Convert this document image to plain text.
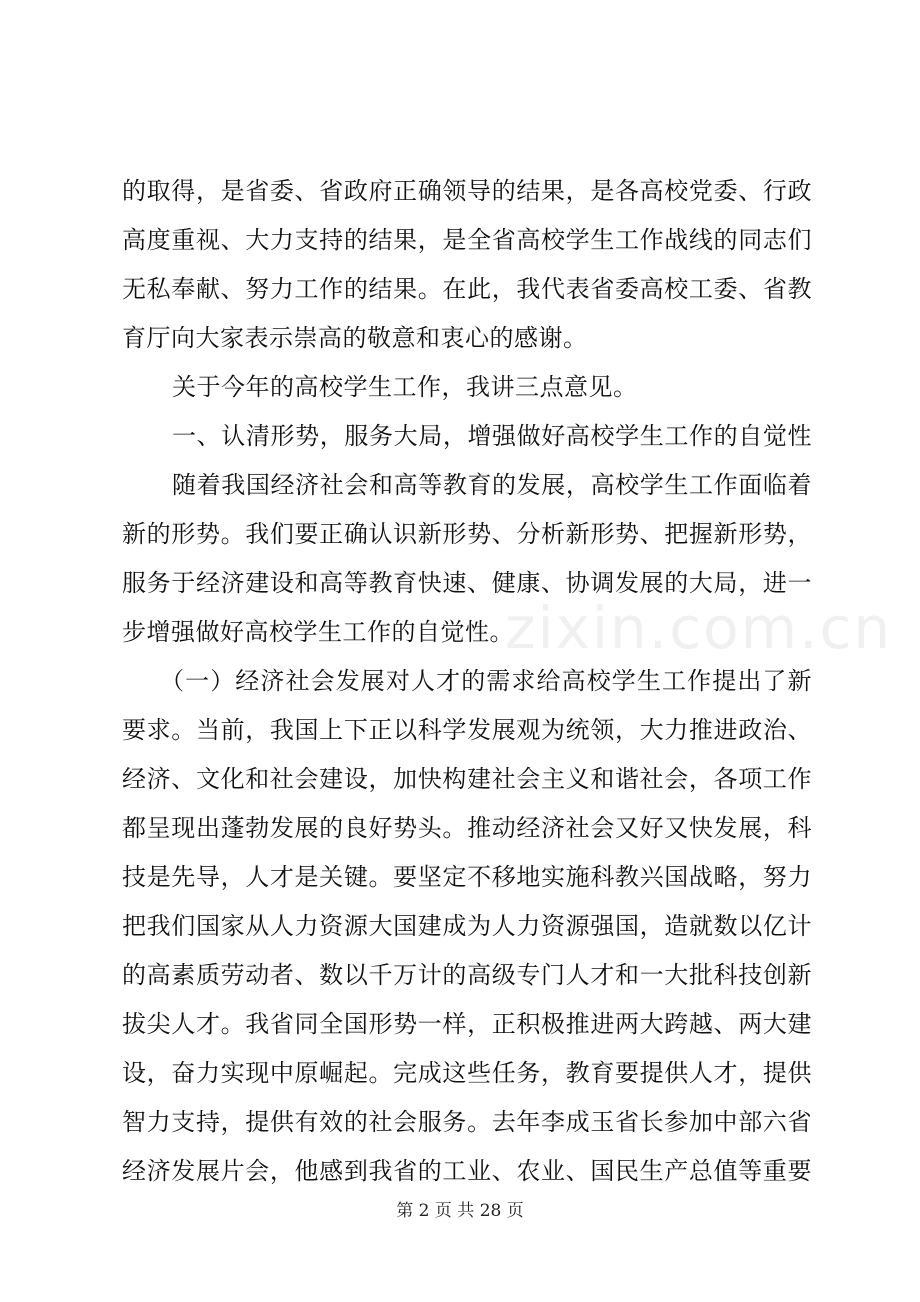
zixin.com.cn
的取得，是省委、省政府正确领导的结果，是各高校党委、行政
高度重视、大力支持的结果，是全省高校学生工作战线的同志们
无私奉献、努力工作的结果。在此，我代表省委高校工委、省教
育厅向大家表示崇高的敬意和衷心的感谢。
关于今年的高校学生工作，我讲三点意见。
一、认清形势，服务大局，增强做好高校学生工作的自觉性
随着我国经济社会和高等教育的发展，高校学生工作面临着
新的形势。我们要正确认识新形势、分析新形势、把握新形势，
服务于经济建设和高等教育快速、健康、协调发展的大局，进一
步增强做好高校学生工作的自觉性。
（一）经济社会发展对人才的需求给高校学生工作提出了新
要求。当前，我国上下正以科学发展观为统领，大力推进政治、
经济、文化和社会建设，加快构建社会主义和谐社会，各项工作
都呈现出蓬勃发展的良好势头。推动经济社会又好又快发展，科
技是先导，人才是关键。要坚定不移地实施科教兴国战略，努力
把我们国家从人力资源大国建成为人力资源强国，造就数以亿计
的高素质劳动者、数以千万计的高级专门人才和一大批科技创新
拔尖人才。我省同全国形势一样，正积极推进两大跨越、两大建
设，奋力实现中原崛起。完成这些任务，教育要提供人才，提供
智力支持，提供有效的社会服务。去年李成玉省长参加中部六省
经济发展片会，他感到我省的工业、农业、国民生产总值等重要
第 2 页 共 28 页
